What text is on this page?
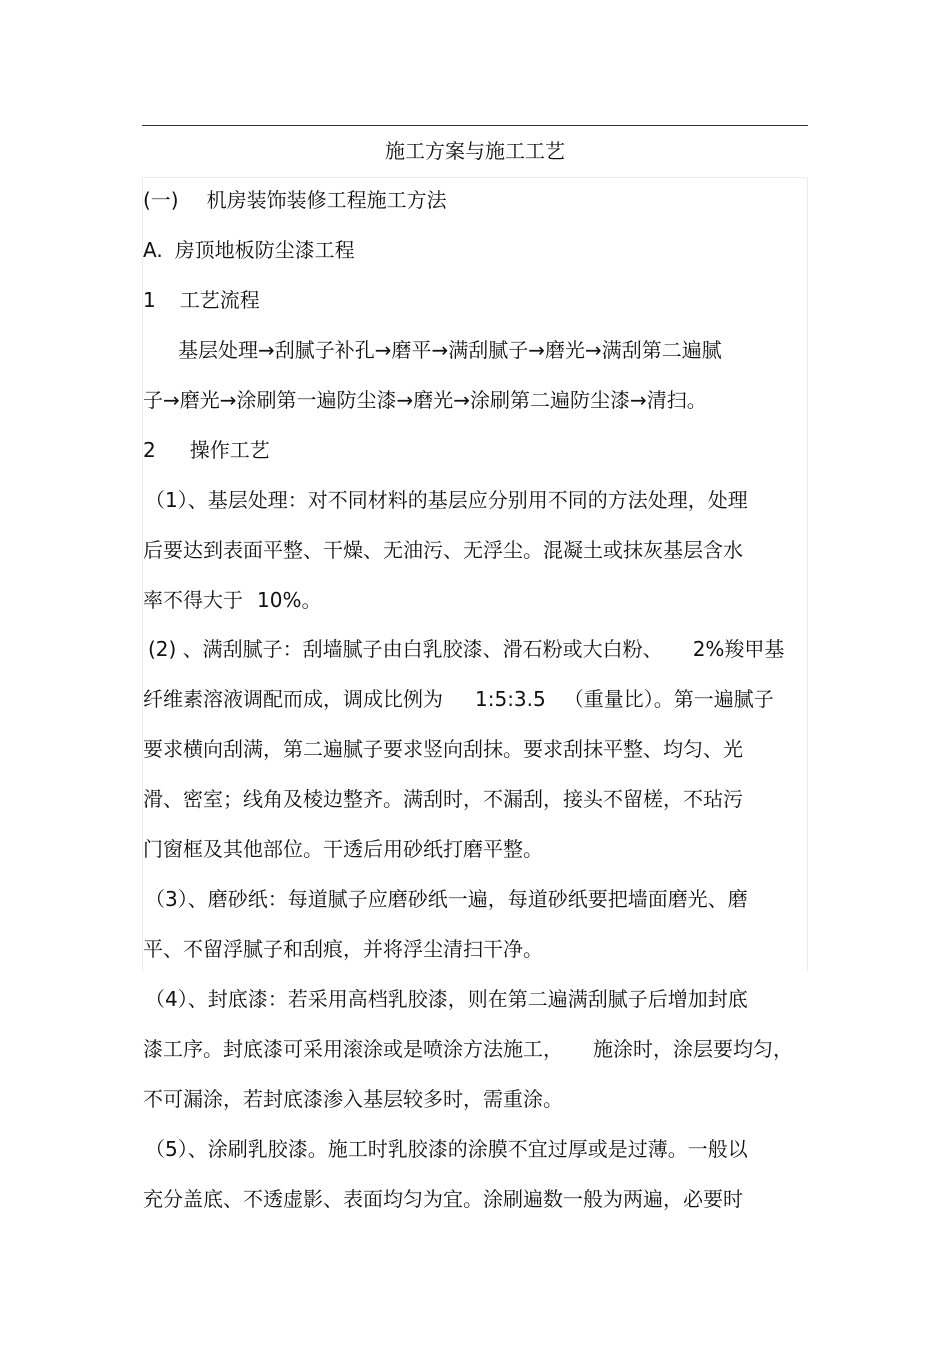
施工方案与施工工艺
(一) 机房装饰装修工程施工方法
A. 房顶地板防尘漆工程
1 工艺流程
基层处理→刮腻子补孔→磨平→满刮腻子→磨光→满刮第二遍腻
子→磨光→涂刷第一遍防尘漆→磨光→涂刷第二遍防尘漆→清扫。
2 操作工艺
（1）、基层处理：对不同材料的基层应分别用不同的方法处理，处理
后要达到表面平整、干燥、无油污、无浮尘。混凝土或抹灰基层含水
率不得大于 10%。
(2) 、满刮腻子：刮墙腻子由白乳胶漆、滑石粉或大白粉、 2%羧甲基
纤维素溶液调配而成，调成比例为 1:5:3.5 （重量比）。第一遍腻子
要求横向刮满，第二遍腻子要求竖向刮抹。要求刮抹平整、均匀、光
滑、密室；线角及棱边整齐。满刮时，不漏刮，接头不留槎，不玷污
门窗框及其他部位。干透后用砂纸打磨平整。
（3）、磨砂纸：每道腻子应磨砂纸一遍，每道砂纸要把墙面磨光、磨
平、不留浮腻子和刮痕，并将浮尘清扫干净。
（4）、封底漆：若采用高档乳胶漆，则在第二遍满刮腻子后增加封底
漆工序。封底漆可采用滚涂或是喷涂方法施工， 施涂时，涂层要均匀，
不可漏涂，若封底漆渗入基层较多时，需重涂。
（5）、涂刷乳胶漆。施工时乳胶漆的涂膜不宜过厚或是过薄。一般以
充分盖底、不透虚影、表面均匀为宜。涂刷遍数一般为两遍，必要时
